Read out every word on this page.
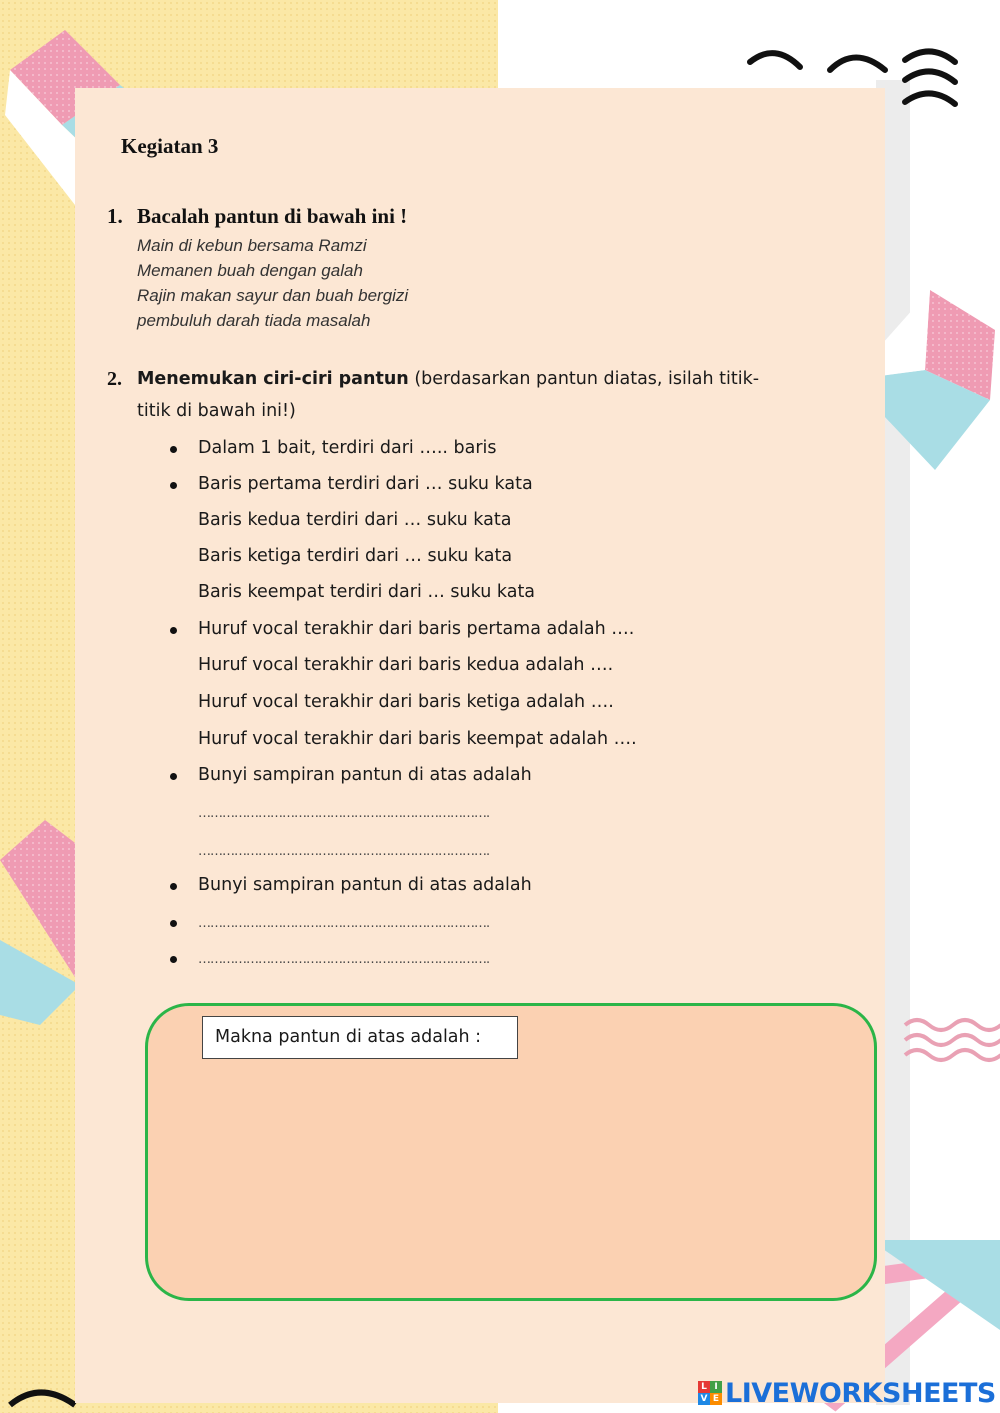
Kegiatan 3
1. Bacalah pantun di bawah ini !
Main di kebun bersama Ramzi
Memanen buah dengan galah
Rajin makan sayur dan buah bergizi
pembuluh darah tiada masalah
2. Menemukan ciri-ciri pantun (berdasarkan pantun diatas, isilah titik-
titik di bawah ini!)
Dalam 1 bait, terdiri dari ….. baris
Baris pertama terdiri dari … suku kata
Baris kedua terdiri dari … suku kata
Baris ketiga terdiri dari … suku kata
Baris keempat terdiri dari … suku kata
Huruf vocal terakhir dari baris pertama adalah ….
Huruf vocal terakhir dari baris kedua adalah ….
Huruf vocal terakhir dari baris ketiga adalah ….
Huruf vocal terakhir dari baris keempat adalah ….
Bunyi sampiran pantun di atas adalah
……………………………………………………………….
……………………………………………………………….
Bunyi sampiran pantun di atas adalah
……………………………………………………………….
……………………………………………………………….
Makna pantun di atas adalah :
L I
V E LIVEWORKSHEETS
